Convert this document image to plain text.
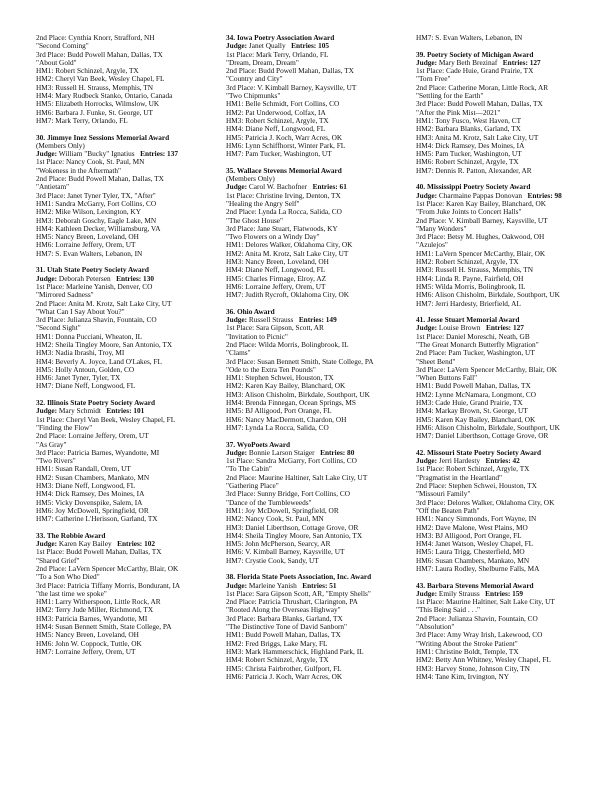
2nd Place: Cynthia Knorr, Strafford, NH
"Second Coming"
3rd Place: Budd Powell Mahan, Dallas, TX
"About Gold"
HM1: Robert Schinzel, Argyle, TX
HM2: Cheryl Van Beek, Wesley Chapel, FL
HM3: Russell H. Strauss, Memphis, TN
HM4: Mary Rudbeck Stanko, Ontario, Canada
HM5: Elizabeth Horrocks, Wilmslow, UK
HM6: Barbara J. Funke, St. George, UT
HM7: Mark Terry, Orlando, FL
30. Jimmye Inez Sessions Memorial Award
(Members Only)
Judge: William "Bucky" Ignatius Entries: 137
1st Place: Nancy Cook, St. Paul, MN
"Wokeness in the Aftermath"
2nd Place: Budd Powell Mahan, Dallas, TX
"Antietam"
3rd Place: Janet Tyner Tyler, TX, "After"
HM1: Sandra McGarry, Fort Collins, CO
HM2: Mike Wilson, Lexington, KY
HM3: Deborah Goschy, Eagle Lake, MN
HM4: Kathleen Decker, Williamsburg, VA
HM5: Nancy Breen, Loveland, OH
HM6: Lorraine Jeffery, Orem, UT
HM7: S. Evan Walters, Lebanon, IN
31. Utah State Poetry Society Award
Judge: Deborah Petersen Entries: 130
1st Place: Marleine Yanish, Denver, CO
"Mirrored Sadness"
2nd Place: Anita M. Krotz, Salt Lake City, UT
"What Can I Say About You?"
3rd Place: Julianza Shavin, Fountain, CO
"Second Sight"
HM1: Donna Pucciani, Wheaton, IL
HM2: Sheila Tingley Moore, San Antonio, TX
HM3: Nadia Ibrashi, Troy, MI
HM4: Beverly A. Joyce, Land O'Lakes, FL
HM5: Holly Antoun, Golden, CO
HM6: Janet Tyner, Tyler, TX
HM7: Diane Neff, Longwood, FL
32. Illinois State Poetry Society Award
Judge: Mary Schmidt Entries: 101
1st Place: Cheryl Van Beek, Wesley Chapel, FL
"Finding the Flow"
2nd Place: Lorraine Jeffery, Orem, UT
"As Gray"
3rd Place: Patricia Barnes, Wyandotte, MI
"Two Rivers"
HM1: Susan Randall, Orem, UT
HM2: Susan Chambers, Mankato, MN
HM3: Diane Neff, Longwood, FL
HM4: Dick Ramsey, Des Moines, IA
HM5: Vicky Dovenspike, Salem, IA
HM6: Joy McDowell, Springfield, OR
HM7: Catherine L'Herisson, Garland, TX
33. The Robbie Award
Judge: Karen Kay Bailey Entries: 102
1st Place: Budd Powell Mahan, Dallas, TX
"Shared Grief"
2nd Place: LaVern Spencer McCarthy, Blair, OK
"To a Son Who Died"
3rd Place: Patricia Tiffany Morris, Bondurant, IA
"the last time we spoke"
HM1: Larry Witherspoon, Little Rock, AR
HM2: Terry Jude Miller, Richmond, TX
HM3: Patricia Barnes, Wyandotte, MI
HM4: Susan Bennett Smith, State College, PA
HM5: Nancy Breen, Loveland, OH
HM6: John W. Coppock, Tuttle, OK
HM7: Lorraine Jeffery, Orem, UT
34. Iowa Poetry Association Award
Judge: Janet Qually Entries: 105
1st Place: Mark Terry, Orlando, FL
"Dream, Dream, Dream"
2nd Place: Budd Powell Mahan, Dallas, TX
"Country and City"
3rd Place: V. Kimball Barney, Kaysville, UT
"Two Chipmunks"
HM1: Belle Schmidt, Fort Collins, CO
HM2: Pat Underwood, Colfax, IA
HM3: Robert Schinzel, Argyle, TX
HM4: Diane Neff, Longwood, FL
HM5: Patricia J. Koch, Warr Acres, OK
HM6: Lynn Schiffhorst, Winter Park, FL
HM7: Pam Tucker, Washington, UT
35. Wallace Stevens Memorial Award
(Members Only)
Judge: Carol W. Bachofner Entries: 61
1st Place: Christine Irving, Denton, TX
"Healing the Angry Self"
2nd Place: Lynda La Rocca, Salida, CO
"The Ghost House"
3rd Place: Jane Stuart, Flatwoods, KY
"Two Flowers on a Windy Day"
HM1: Delores Walker, Oklahoma City, OK
HM2: Anita M. Krotz, Salt Lake City, UT
HM3: Nancy Breen, Loveland, OH
HM4: Diane Neff, Longwood, FL
HM5: Charles Firmage, Elroy, AZ
HM6: Lorraine Jeffery, Orem, UT
HM7: Judith Rycroft, Oklahoma City, OK
36. Ohio Award
Judge: Russell Strauss Entries: 149
1st Place: Sara Gipson, Scott, AR
"Invitation to Picnic"
2nd Place: Wilda Morris, Bolingbrook, IL
"Clams"
3rd Place: Susan Bennett Smith, State College, PA
"Ode to the Extra Ten Pounds"
HM1: Stephen Schwei, Houston, TX
HM2: Karen Kay Bailey, Blanchard, OK
HM3: Alison Chisholm, Birkdale, Southport, UK
HM4: Brenda Finnegan, Ocean Springs, MS
HM5: BJ Alligood, Port Orange, FL
HM6: Nancy MacDermott, Chardon, OH
HM7: Lynda La Rocca, Salida, CO
37. WyoPoets Award
Judge: Bonnie Larson Staiger Entries: 80
1st Place: Sandra McGarry, Fort Collins, CO
"To The Cabin"
2nd Place: Maurine Haltiner, Salt Lake City, UT
"Gathering Place"
3rd Place: Sunny Bridge, Fort Collins, CO
"Dance of the Tumbleweeds"
HM1: Joy McDowell, Springfield, OR
HM2: Nancy Cook, St. Paul, MN
HM3: Daniel Liberthson, Cottage Grove, OR
HM4: Sheila Tingley Moore, San Antonio, TX
HM5: John McPherson, Searcy, AR
HM6: V. Kimball Barney, Kaysville, UT
HM7: Crystie Cook, Sandy, UT
38. Florida State Poets Association, Inc. Award
Judge: Marleine Yanish Entries: 51
1st Place: Sara Gipson Scott, AR, "Empty Shells"
2nd Place: Patricia Thrushart, Clarington, PA
"Rooted Along the Overseas Highway"
3rd Place: Barbara Blanks, Garland, TX
"The Distinctive Tone of David Sanborn"
HM1: Budd Powell Mahan, Dallas, TX
HM2: Fred Briggs, Lake Mary, FL
HM3: Mark Hammerschick, Highland Park, IL
HM4: Robert Schinzel, Argyle, TX
HM5: Christa Fairbrother, Gulfport, FL
HM6: Patricia J. Koch, Warr Acres, OK
HM7: S. Evan Walters, Lebanon, IN
39. Poetry Society of Michigan Award
Judge: Mary Beth Brezinaf Entries: 127
1st Place: Cade Huie, Grand Prairie, TX
"Torn Free"
2nd Place: Catherine Moran, Little Rock, AR
"Settling for the Earth"
3rd Place: Budd Powell Mahan, Dallas, TX
"After the Pink Mist—2021"
HM1: Tony Fusco, West Haven, CT
HM2: Barbara Blanks, Garland, TX
HM3: Anita M. Krotz, Salt Lake City, UT
HM4: Dick Ramsey, Des Moines, IA
HM5: Pam Tucker, Washington, UT
HM6: Robert Schinzel, Argyle, TX
HM7: Dennis R. Patton, Alexander, AR
40. Mississippi Poetry Society Award
Judge: Charmaine Pappas Donovan Entries: 98
1st Place: Karen Kay Bailey, Blanchard, OK
"From Juke Joints to Concert Halls"
2nd Place: V. Kimball Barney, Kaysville, UT
"Many Wonders"
3rd Place: Betsy M. Hughes, Oakwood, OH
"Azulejos"
HM1: LaVern Spencer McCarthy, Blair, OK
HM2: Robert Schinzel, Argyle, TX
HM3: Russell H. Strauss, Memphis, TN
HM4: Linda R. Payne, Fairfield, OH
HM5: Wilda Morris, Bolingbrook, IL
HM6: Alison Chisholm, Birkdale, Southport, UK
HM7: Jerri Hardesty, Brierfield, AL
41. Jesse Stuart Memorial Award
Judge: Louise Brown Entries: 127
1st Place: Daniel Moreschi, Neath, GB
"The Great Monarch Butterfly Migration"
2nd Place: Pam Tucker, Washington, UT
"Sheet Bend"
3rd Place: LaVern Spencer McCarthy, Blair, OK
"When Buttons Fall"
HM1: Budd Powell Mahan, Dallas, TX
HM2: Lynne McNamara, Longmont, CO
HM3: Cade Huie, Grand Prairie, TX
HM4: Markay Brown, St. George, UT
HM5: Karen Kay Bailey, Blanchard, OK
HM6: Alison Chisholm, Birkdale, Southport, UK
HM7: Daniel Liberthson, Cottage Grove, OR
42. Missouri State Poetry Society Award
Judge: Jerri Hardesty Entries: 42
1st Place: Robert Schinzel, Argyle, TX
"Pragmatist in the Heartland"
2nd Place: Stephen Schwei, Houston, TX
"Missouri Family"
3rd Place: Delores Walker, Oklahoma City, OK
"Off the Beaten Path"
HM1: Nancy Simmonds, Fort Wayne, IN
HM2: Dave Malone, West Plains, MO
HM3: BJ Alligood, Port Orange, FL
HM4: Janet Watson, Wesley Chapel, FL
HM5: Laura Trigg, Chesterfield, MO
HM6: Susan Chambers, Mankato, MN
HM7: Laura Rodley, Shelburne Falls, MA
43. Barbara Stevens Memorial Award
Judge: Emily Strauss Entries: 159
1st Place: Maurine Haltiner, Salt Lake City, UT
"This Being Said . . ."
2nd Place: Julianza Shavin, Fountain, CO
"Absolution"
3rd Place: Amy Wray Irish, Lakewood, CO
"Writing About the Stroke Patient"
HM1: Christine Boldt, Temple, TX
HM2: Betty Ann Whitney, Wesley Chapel, FL
HM3: Harvey Stone, Johnson City, TN
HM4: Tane Kim, Irvington, NY
